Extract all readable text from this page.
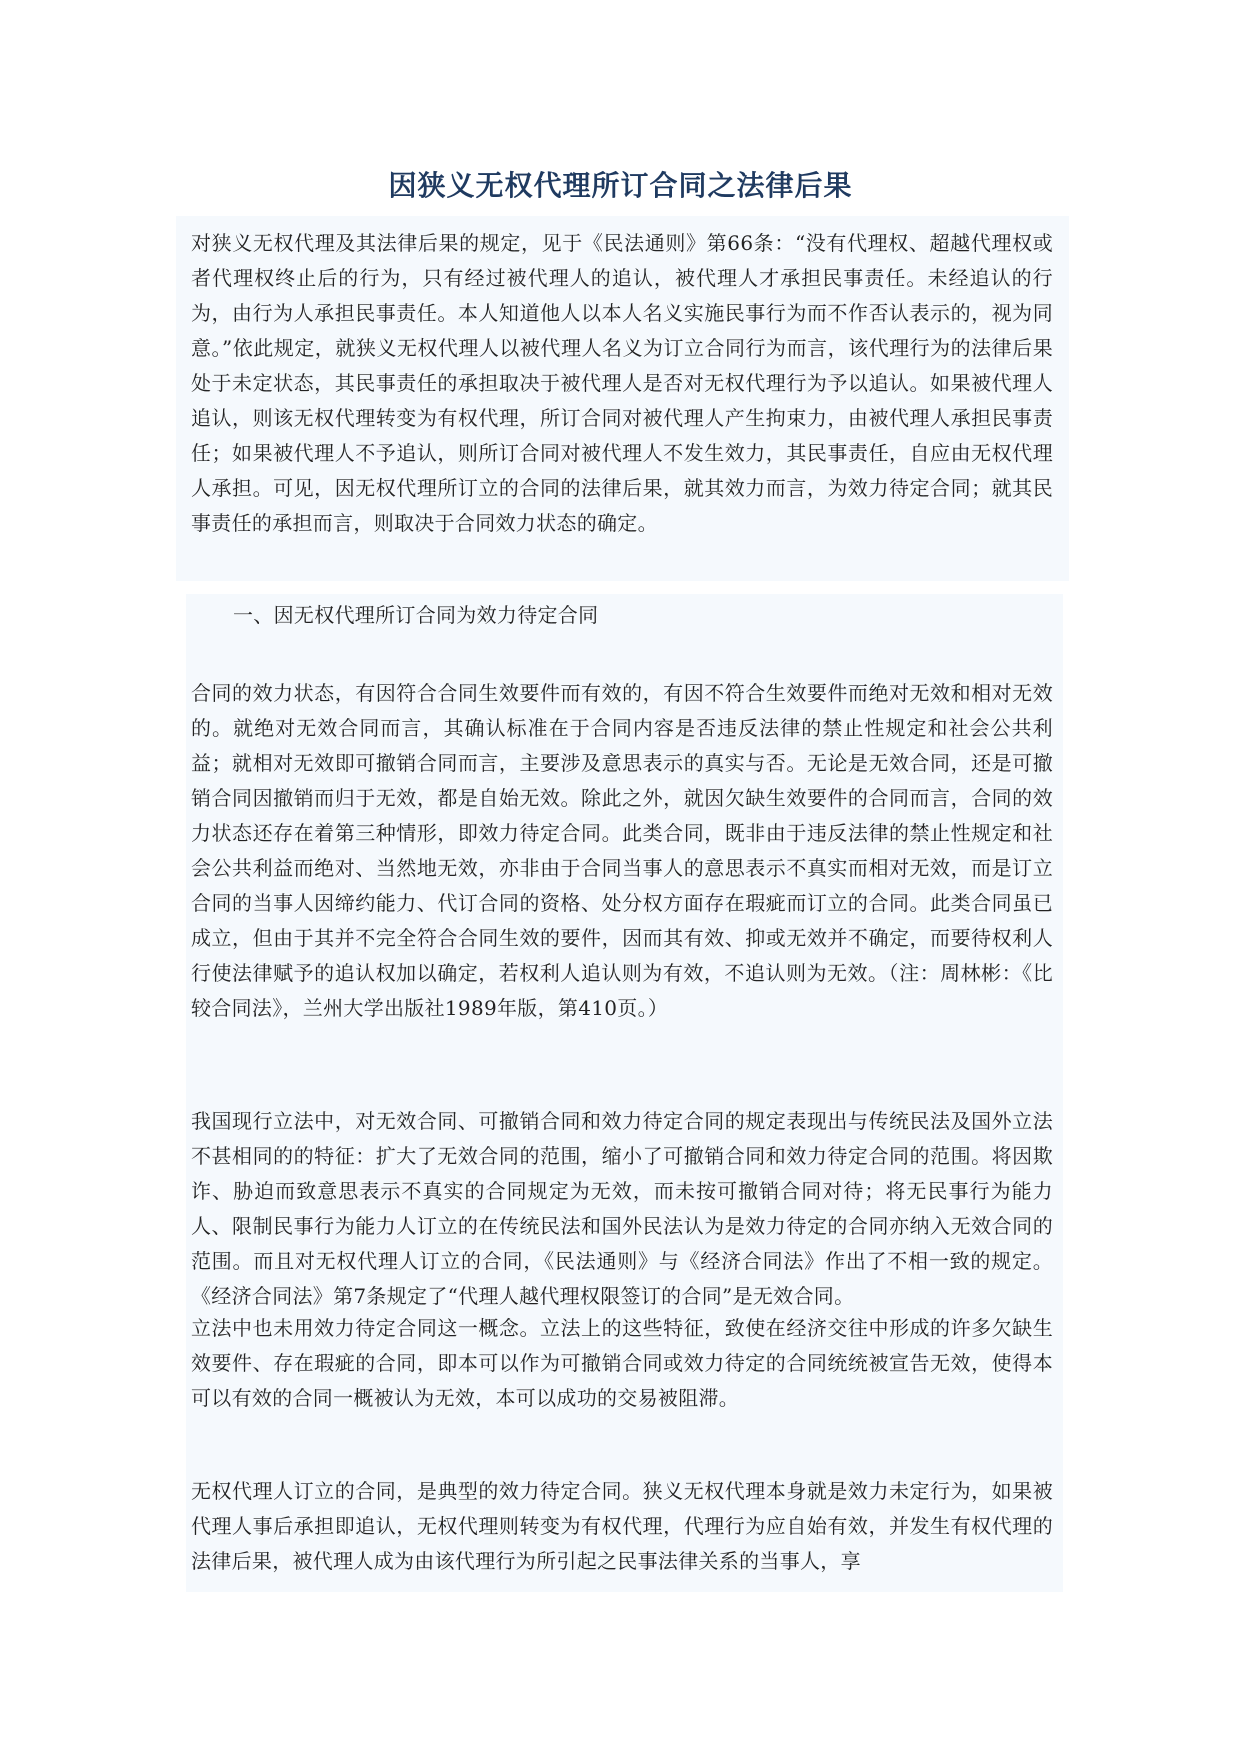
因狭义无权代理所订合同之法律后果

对狭义无权代理及其法律后果的规定，见于《民法通则》第66条：“没有代理权、超越代理权或者代理权终止后的行为，只有经过被代理人的追认，被代理人才承担民事责任。未经追认的行为，由行为人承担民事责任。本人知道他人以本人名义实施民事行为而不作否认表示的，视为同意。”依此规定，就狭义无权代理人以被代理人名义为订立合同行为而言，该代理行为的法律后果处于未定状态，其民事责任的承担取决于被代理人是否对无权代理行为予以追认。如果被代理人追认，则该无权代理转变为有权代理，所订合同对被代理人产生拘束力，由被代理人承担民事责任；如果被代理人不予追认，则所订合同对被代理人不发生效力，其民事责任，自应由无权代理人承担。可见，因无权代理所订立的合同的法律后果，就其效力而言，为效力待定合同；就其民事责任的承担而言，则取决于合同效力状态的确定。

一、因无权代理所订合同为效力待定合同

合同的效力状态，有因符合合同生效要件而有效的，有因不符合生效要件而绝对无效和相对无效的。就绝对无效合同而言，其确认标准在于合同内容是否违反法律的禁止性规定和社会公共利益；就相对无效即可撤销合同而言，主要涉及意思表示的真实与否。无论是无效合同，还是可撤销合同因撤销而归于无效，都是自始无效。除此之外，就因欠缺生效要件的合同而言，合同的效力状态还存在着第三种情形，即效力待定合同。此类合同，既非由于违反法律的禁止性规定和社会公共利益而绝对、当然地无效，亦非由于合同当事人的意思表示不真实而相对无效，而是订立合同的当事人因缔约能力、代订合同的资格、处分权方面存在瑕疵而订立的合同。此类合同虽已成立，但由于其并不完全符合合同生效的要件，因而其有效、抑或无效并不确定，而要待权利人行使法律赋予的追认权加以确定，若权利人追认则为有效，不追认则为无效。（注：周林彬：《比较合同法》，兰州大学出版社1989年版，第410页。）

我国现行立法中，对无效合同、可撤销合同和效力待定合同的规定表现出与传统民法及国外立法不甚相同的的特征：扩大了无效合同的范围，缩小了可撤销合同和效力待定合同的范围。将因欺诈、胁迫而致意思表示不真实的合同规定为无效，而未按可撤销合同对待；将无民事行为能力人、限制民事行为能力人订立的在传统民法和国外民法认为是效力待定的合同亦纳入无效合同的范围。而且对无权代理人订立的合同，《民法通则》与《经济合同法》作出了不相一致的规定。《经济合同法》第7条规定了“代理人越代理权限签订的合同”是无效合同。

立法中也未用效力待定合同这一概念。立法上的这些特征，致使在经济交往中形成的许多欠缺生效要件、存在瑕疵的合同，即本可以作为可撤销合同或效力待定的合同统统被宣告无效，使得本可以有效的合同一概被认为无效，本可以成功的交易被阻滞。

无权代理人订立的合同，是典型的效力待定合同。狭义无权代理本身就是效力未定行为，如果被代理人事后承担即追认，无权代理则转变为有权代理，代理行为应自始有效，并发生有权代理的法律后果，被代理人成为由该代理行为所引起之民事法律关系的当事人，享
